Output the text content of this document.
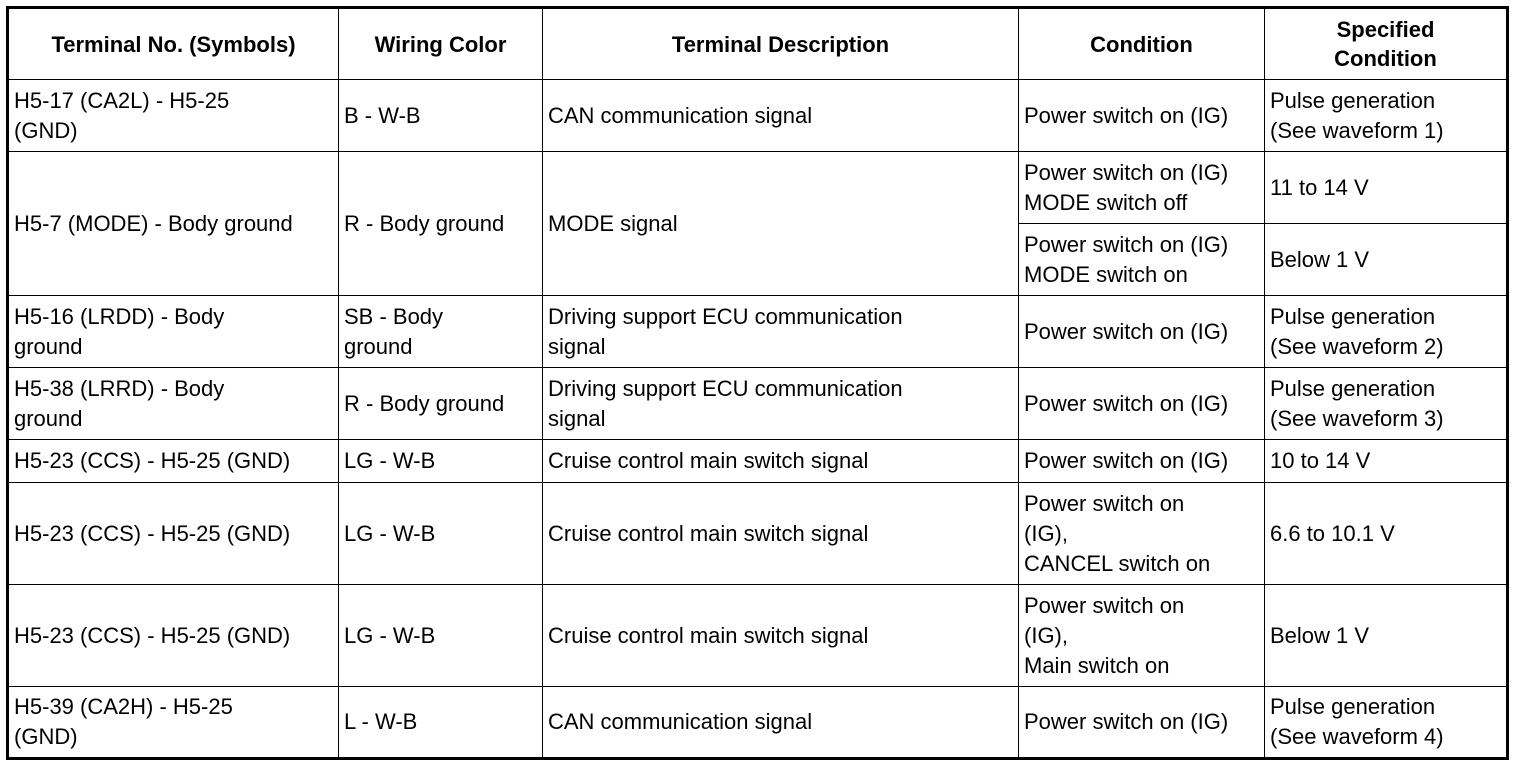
Terminal No. (Symbols)	Wiring Color	Terminal Description	Condition	Specified
Condition

H5-17 (CA2L) - H5-25
(GND)	B - W-B	CAN communication signal	Power switch on (IG)	Pulse generation
(See waveform 1)

H5-7 (MODE) - Body ground	R - Body ground	MODE signal	Power switch on (IG)
MODE switch off	11 to 14 V

			Power switch on (IG)
MODE switch on	Below 1 V

H5-16 (LRDD) - Body
ground	SB - Body
ground	Driving support ECU communication
signal	Power switch on (IG)	Pulse generation
(See waveform 2)

H5-38 (LRRD) - Body
ground	R - Body ground	Driving support ECU communication
signal	Power switch on (IG)	Pulse generation
(See waveform 3)

H5-23 (CCS) - H5-25 (GND)	LG - W-B	Cruise control main switch signal	Power switch on (IG)	10 to 14 V

H5-23 (CCS) - H5-25 (GND)	LG - W-B	Cruise control main switch signal	Power switch on
(IG),
CANCEL switch on	6.6 to 10.1 V

H5-23 (CCS) - H5-25 (GND)	LG - W-B	Cruise control main switch signal	Power switch on
(IG),
Main switch on	Below 1 V

H5-39 (CA2H) - H5-25
(GND)	L - W-B	CAN communication signal	Power switch on (IG)	Pulse generation
(See waveform 4)
